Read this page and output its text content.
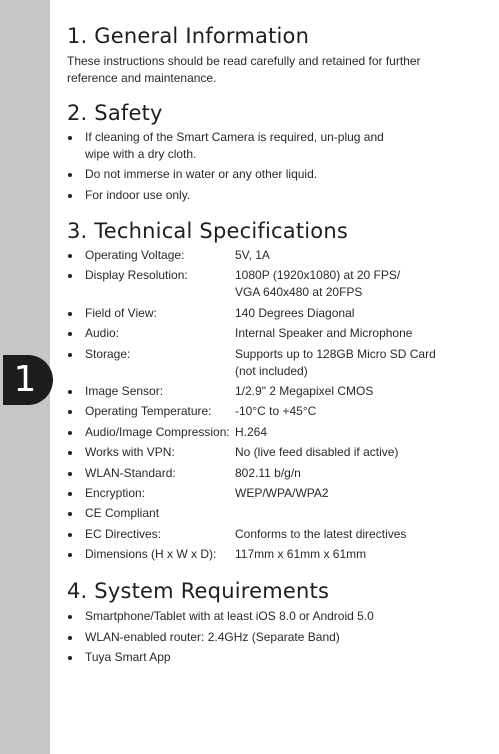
1
1. General Information

These instructions should be read carefully and retained for further reference and maintenance.

2. Safety
If cleaning of the Smart Camera is required, un-plug and wipe with a dry cloth.
Do not immerse in water or any other liquid.
For indoor use only.
3. Technical Specifications
Operating Voltage:	5V, 1A
Display Resolution:	1080P (1920x1080) at 20 FPS/
VGA 640x480 at 20FPS
Field of View:	140 Degrees Diagonal
Audio:	Internal Speaker and Microphone
Storage:	Supports up to 128GB Micro SD Card
(not included)
Image Sensor:	1/2.9" 2 Megapixel CMOS
Operating Temperature:	-10°C to +45°C
Audio/Image Compression: H.264
Works with VPN:	No (live feed disabled if active)
WLAN-Standard:	802.11 b/g/n
Encryption:	WEP/WPA/WPA2
CE Compliant
EC Directives:	Conforms to the latest directives
Dimensions (H x W x D):	117mm x 61mm x 61mm
4. System Requirements
Smartphone/Tablet with at least iOS 8.0 or Android 5.0
WLAN-enabled router: 2.4GHz (Separate Band)
Tuya Smart App
